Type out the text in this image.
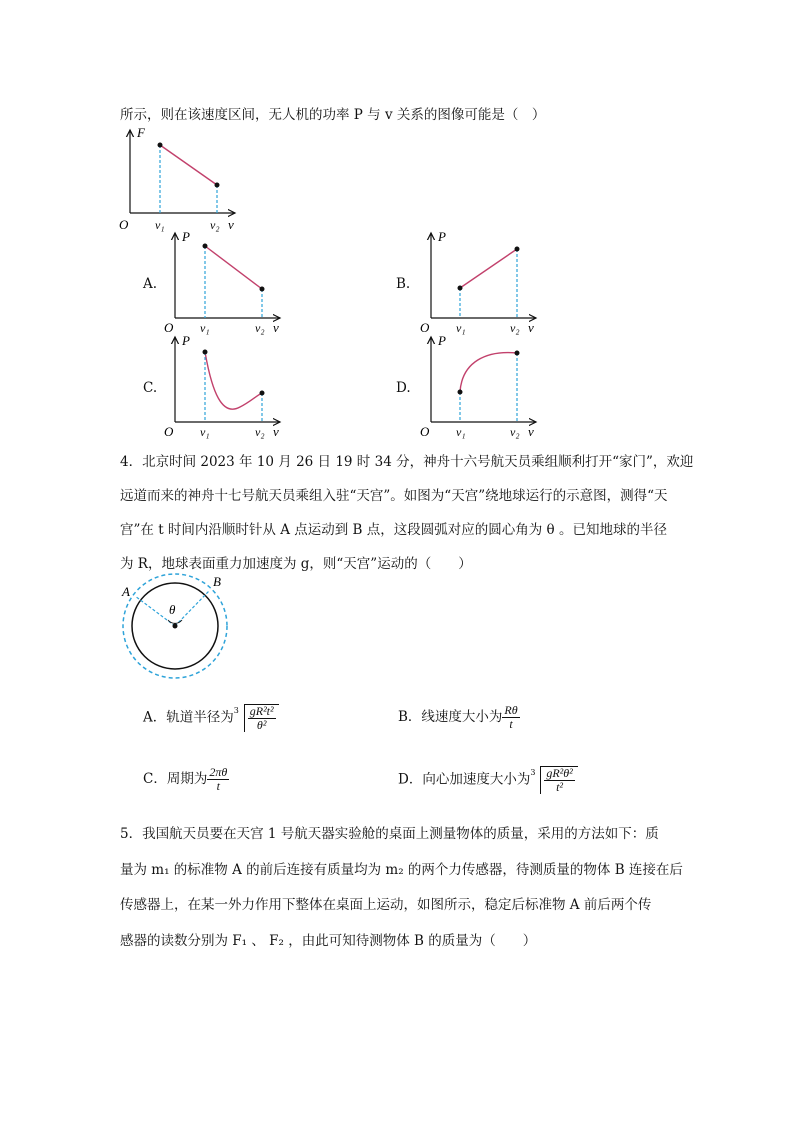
所示，则在该速度区间，无人机的功率 P 与 v 关系的图像可能是（　）
F
O v₁	v₂ v
A.
P
O v₁	v₂ v
B.
P
O v₁	v₂ v
C.
P
O v₁	v₂ v
D.
P
O v₁	v₂ v
4．北京时间 2023 年 10 月 26 日 19 时 34 分，神舟十六号航天员乘组顺利打开“家门”，欢迎
远道而来的神舟十七号航天员乘组入驻“天宫”。如图为“天宫”绕地球运行的示意图，测得“天
宫”在 t 时间内沿顺时针从 A 点运动到 B 点，这段圆弧对应的圆心角为 θ 。已知地球的半径
为 R，地球表面重力加速度为 g，则“天宫”运动的（　　）
A
B
θ
A．轨道半径为 $3 \frac{\text{gR²t²}}{\text{θ²}}$	B．线速度大小为 $\frac{R\theta}{t}$
C．周期为 $\frac{2\pi\theta}{t}$	D．向心加速度大小为 $3 \frac{\text{gR²θ²}}{\text{t²}}$
5．我国航天员要在天宫 1 号航天器实验舱的桌面上测量物体的质量，采用的方法如下：质
量为 m₁ 的标准物 A 的前后连接有质量均为 m₂ 的两个力传感器，待测质量的物体 B 连接在后
传感器上，在某一外力作用下整体在桌面上运动，如图所示，稳定后标准物 A 前后两个传
感器的读数分别为 F₁ 、 F₂ ，由此可知待测物体 B 的质量为（　　）
